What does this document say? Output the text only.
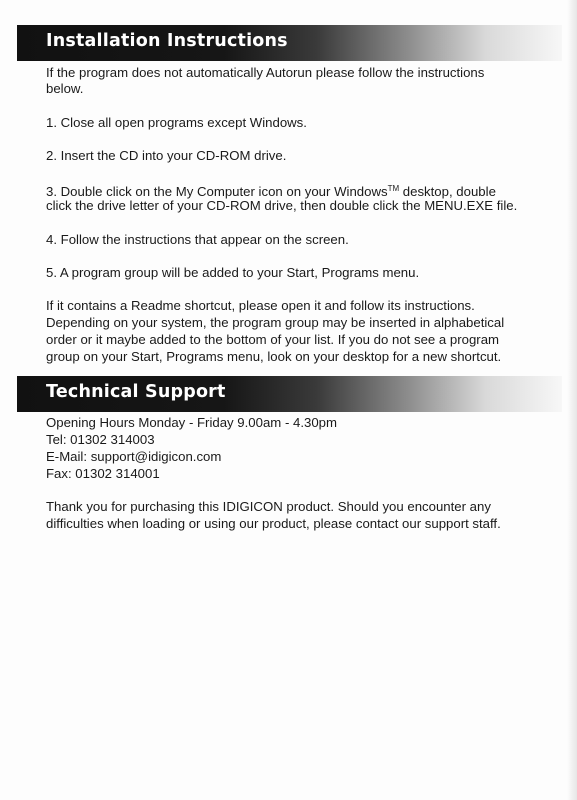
Installation Instructions
If the program does not automatically Autorun please follow the instructions
below.
1. Close all open programs except Windows.
2. Insert the CD into your CD-ROM drive.
3. Double click on the My Computer icon on your Windows™ desktop, double
click the drive letter of your CD-ROM drive, then double click the MENU.EXE file.
4. Follow the instructions that appear on the screen.
5. A program group will be added to your Start, Programs menu.
If it contains a Readme shortcut, please open it and follow its instructions.
Depending on your system, the program group may be inserted in alphabetical
order or it maybe added to the bottom of your list. If you do not see a program
group on your Start, Programs menu, look on your desktop for a new shortcut.
Technical Support
Opening Hours Monday - Friday 9.00am - 4.30pm
Tel: 01302 314003
E-Mail: support@idigicon.com
Fax: 01302 314001
Thank you for purchasing this IDIGICON product. Should you encounter any
difficulties when loading or using our product, please contact our support staff.
